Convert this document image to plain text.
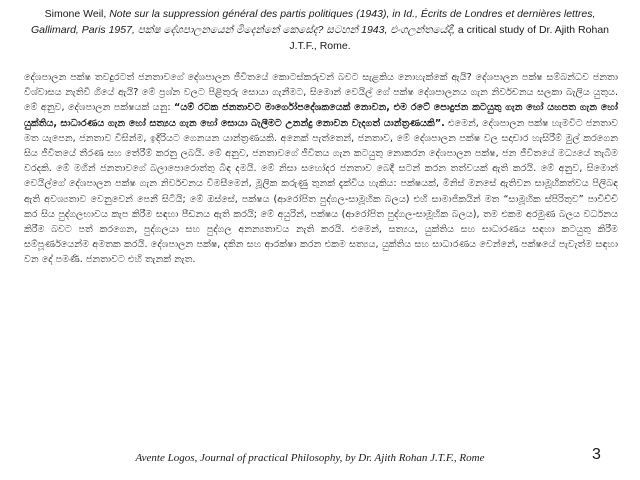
Simone Weil, Note sur la suppression général des partis politiques (1943), in Id., Écrits de Londres et dernières lettres, Gallimard, Paris 1957, පක්ෂ දේශපාලනයෙන් මිදෙන්නේ කෙසේද? සටහන් 1943, එංගලන්තයේදී, a critical study of Dr. Ajith Rohan J.T.F., Rome.
දේශපාලන පක්ෂ තවදුරටත් ජනතාවගේ දේශපාලන ජීවිතයේ කොටස්කරුවන් බවට සැළකිය නොහැක්කේ ඇයි? දේශපාලන පක්ෂ සම්බන්ධව ජනතා විශ්වාසය නැතිවී ගියේ ඇයි? මේ ප්‍රශ්න වලට පිළිතුරු සොයා ගැනීමට, සිමොන් වෙයිල් ගේ පක්ෂ දේශපාලනය ගැන නිර්වචනය සලකා බැලිය යුතුය. මේ අනුව, දේශපාලන පක්ෂයක් යනු: “යම් රටක ජනතාවට මාර්ගෝපදේශකයෙක් නොවන, එම රටේ පොදුජන කටයුතු ගැන හෝ යහපත ගැන හෝ යුක්තිය, සාධාරණය ගැන හෝ සත්‍යය ගැන හෝ සොයා බැලීමට උනන්දු නොවන වැදගත් යාන්ත්‍රණයකි”. එමෙන්, දේශපාලන පක්ෂ හැමවිට ජනතාව මත යැපෙන, ජනතාව විසින්ම, ඉදිරියට ගෙනයන යාන්ත්‍රණයකි. අනෙක් පැත්තෙන්, ජනතාව, මේ දේශපාලන පක්ෂ වල සදාචාර හැසිරීම් මුල් කරගෙන සිය ජීවිතයේ තීරණ සහ තේරීම් කරනු ලබයි. මේ අනුව, ජනතාවගේ ජීවිතය ගැන කටයුතු නොකරන දේශපාලන පක්ෂ, ජන ජීවිතයේ මධ්‍යයේ තැබීම වරදකි. මේ මගින් ජනතාවගේ බලාපොරොත්තු බිඳ දමයි. මේ නිසා සහෝදර ජනතාව බෙදී සටන් කරන තත්වයක් ඇති කරයි. මේ අනුව, සිමොන් වෙයිල්ගේ දේශපාලන පක්ෂ ගැන නිර්වචනය විමසීමෙන්, මූලික කරුණු තුනක් දැක්විය හැකිය: පක්ෂයක්, මිනිස් මනසේ ඇතිවන සාමූහිකත්වය පිලිබඳ ඇති අවශ්‍යතාව වෙනුවෙන් පෙනී සිටියි; මේ ඔස්සේ, පක්ෂය (ආරෝපිත පුද්ගල-සාමූහික බලය) එහි සාමාජිකයින් මත “සාමූහික ස්පිරිතුව” පාවිච්චි කර සිය පුද්ගලභාවය කැප කිරීම සඳහා පීඩනය ඇති කරයි; මේ අයුරින්, පක්ෂය (ආරෝපිත පුද්ගල-සාමූහික බලය), තම එකම අරමුණ බලය වර්ධනය කිරීම බවට පත් කරගෙන, පුද්ගලයා සහ පුද්ගල අනන්‍යතාවය නැති කරයි. එමෙන්, සත්‍යය, යුක්තිය සහ සාධාරණය සඳහා කටයුතු කිරීම සම්පූර්ණයෙන්ම අමතක කරයි. දේශපාලන පක්ෂ, දකින සහ ආරක්ෂා කරන එකම සත්‍යය, යුක්තිය සහ සාධාරණය වෙන්නේ, පක්ෂයේ පැවැත්ම සඳහා වන දේ පමණි. ජනතාවට එහි තැනක් නැත.
Avente Logos, Journal of practical Philosophy, by Dr. Ajith Rohan J.T.F., Rome	3
